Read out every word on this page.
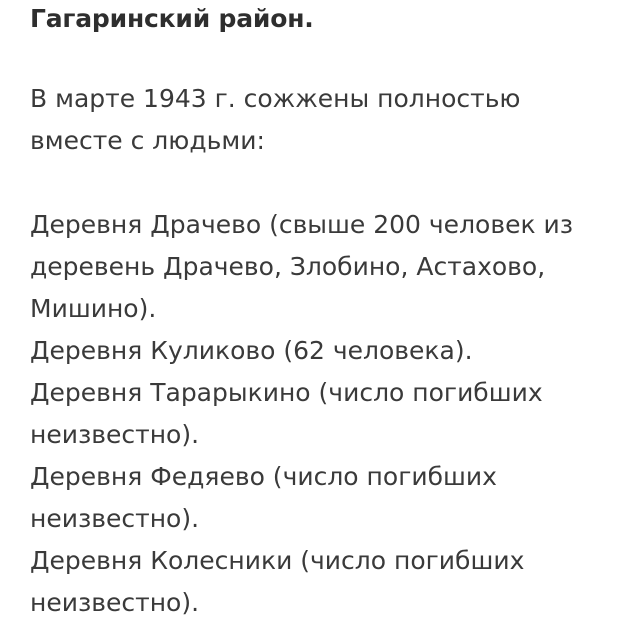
Гагаринский район.
В марте 1943 г. сожжены полностью вместе с людьми:
Деревня Драчево (свыше 200 человек из деревень Драчево, Злобино, Астахово, Мишино).
Деревня Куликово (62 человека).
Деревня Тарарыкино (число погибших неизвестно).
Деревня Федяево (число погибших неизвестно).
Деревня Колесники (число погибших неизвестно).
